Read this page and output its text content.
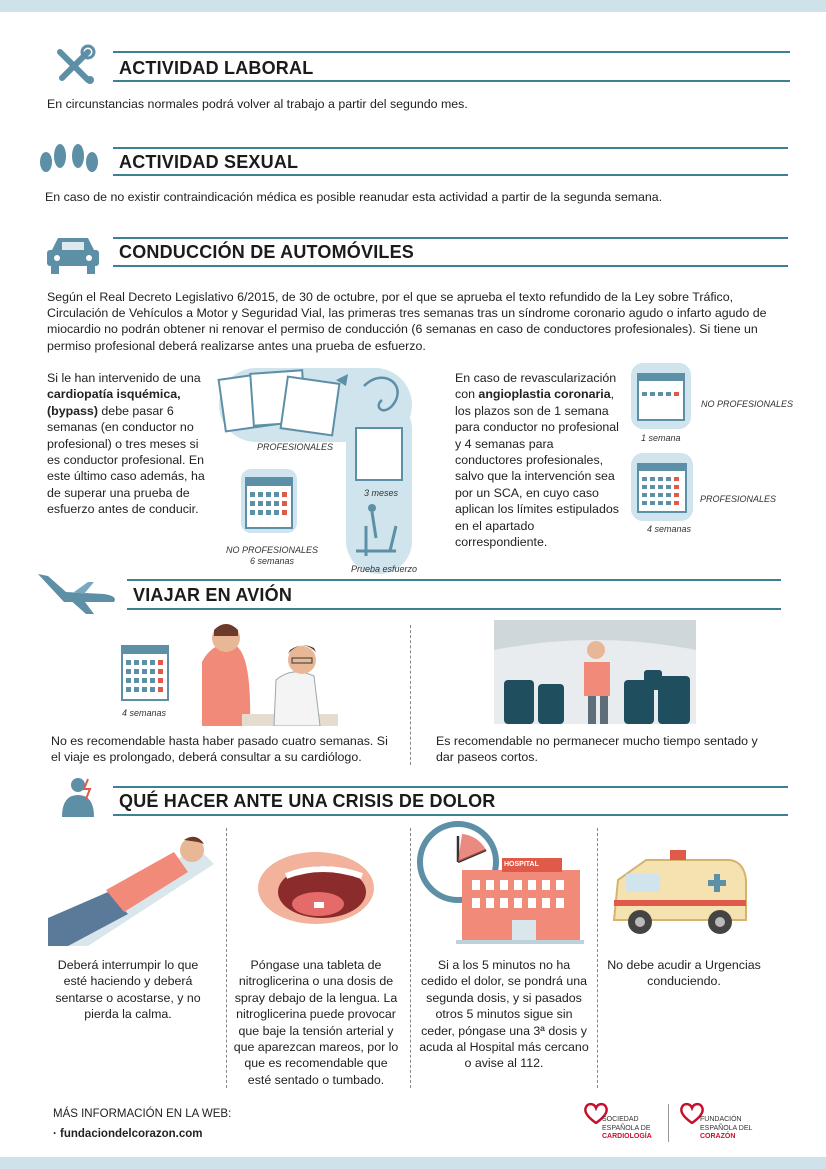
ACTIVIDAD LABORAL
En circunstancias normales podrá volver al trabajo a partir del segundo mes.
ACTIVIDAD SEXUAL
En caso de no existir contraindicación médica es posible reanudar esta actividad a partir de la segunda semana.
CONDUCCIÓN DE AUTOMÓVILES
Según el Real Decreto Legislativo 6/2015, de 30 de octubre, por el que se aprueba el texto refundido de la Ley sobre Tráfico, Circulación de Vehículos a Motor y Seguridad Vial, las primeras tres semanas tras un síndrome coronario agudo o infarto agudo de miocardio no podrán obtener ni renovar el permiso de conducción (6 semanas en caso de conductores profesionales). Si tiene un permiso profesional deberá realizarse antes una prueba de esfuerzo.
Si le han intervenido de una cardiopatía isquémica, (bypass) debe pasar 6 semanas (en conductor no profesional) o tres meses si es conductor profesional. En este último caso además, ha de superar una prueba de esfuerzo antes de conducir.
PROFESIONALES
3 meses
NO PROFESIONALES
6 semanas
Prueba esfuerzo
En caso de revascularización con angioplastia coronaria, los plazos son de 1 semana para conductor no profesional y 4 semanas para conductores profesionales, salvo que la intervención sea por un SCA, en cuyo caso aplican los límites estipulados en el apartado correspondiente.
NO PROFESIONALES
1 semana
PROFESIONALES
4 semanas
VIAJAR EN AVIÓN
4 semanas
No es recomendable hasta haber pasado cuatro semanas. Si el viaje es prolongado, deberá consultar a su cardiólogo.
Es recomendable no permanecer mucho tiempo sentado y dar paseos cortos.
QUÉ HACER ANTE UNA CRISIS DE DOLOR
HOSPITAL
Deberá interrumpir lo que esté haciendo y deberá sentarse o acostarse, y no pierda la calma.
Póngase una tableta de nitroglicerina o una dosis de spray debajo de la lengua. La nitroglicerina puede provocar que baje la tensión arterial y que aparezcan mareos, por lo que es recomendable que esté sentado o tumbado.
Si a los 5 minutos no ha cedido el dolor, se pondrá una segunda dosis, y si pasados otros 5 minutos sigue sin ceder, póngase una 3ª dosis y acuda al Hospital más cercano o avise al 112.
No debe acudir a Urgencias conduciendo.
MÁS INFORMACIÓN EN LA WEB:
· fundaciondelcorazon.com
SOCIEDAD
ESPAÑOLA DE
CARDIOLOGÍA
FUNDACIÓN
ESPAÑOLA DEL
CORAZÓN
